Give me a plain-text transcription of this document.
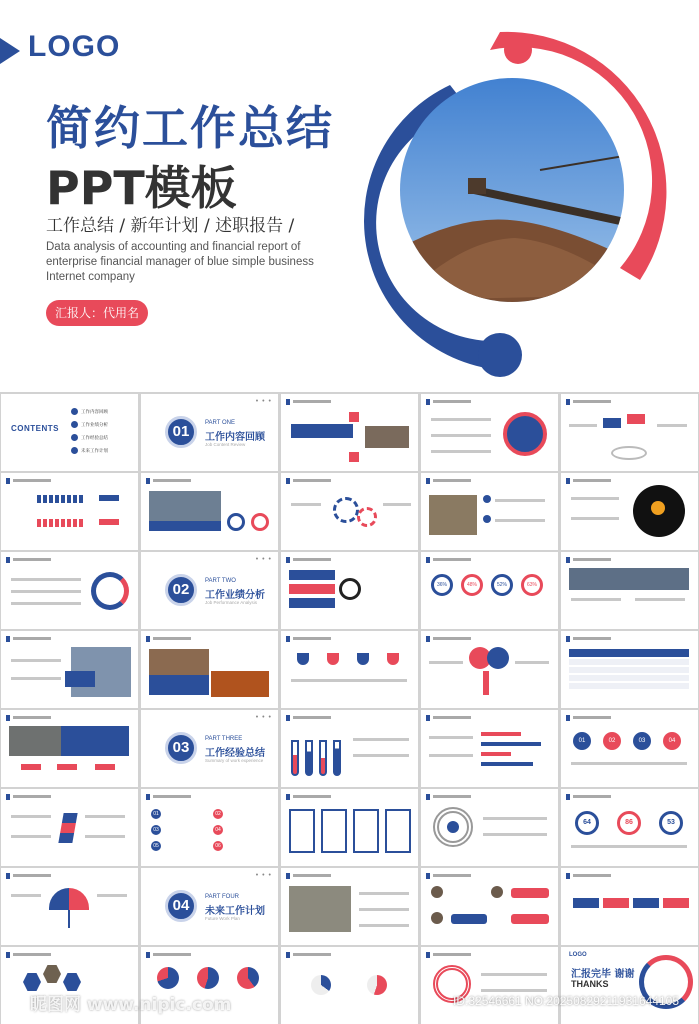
LOGO
简约工作总结
PPT模板
工作总结 / 新年计划 / 述职报告 /
Data analysis of accounting and financial report of enterprise financial manager of blue simple business Internet company
汇报人：代用名
CONTENTS
工作内容回顾
工作业绩分析
工作经验总结
未来工作计划
• • •
01	PART ONE
工作内容回顾
Job Content Review
• • •
02	PART TWO
工作业绩分析
Job Performance Analysis
36%	48%	52%	63%
• • •
03	PART THREE
工作经验总结
Summary of work experience
01	02	03	04
01
03
05
02
04
06
64	86	53
• • •
04	PART FOUR
未来工作计划
Future Work Plan
LOGO
汇报完毕 谢谢
THANKS
昵图网 www.nipic.com	ID:32546661 NO:20250829211931644105
